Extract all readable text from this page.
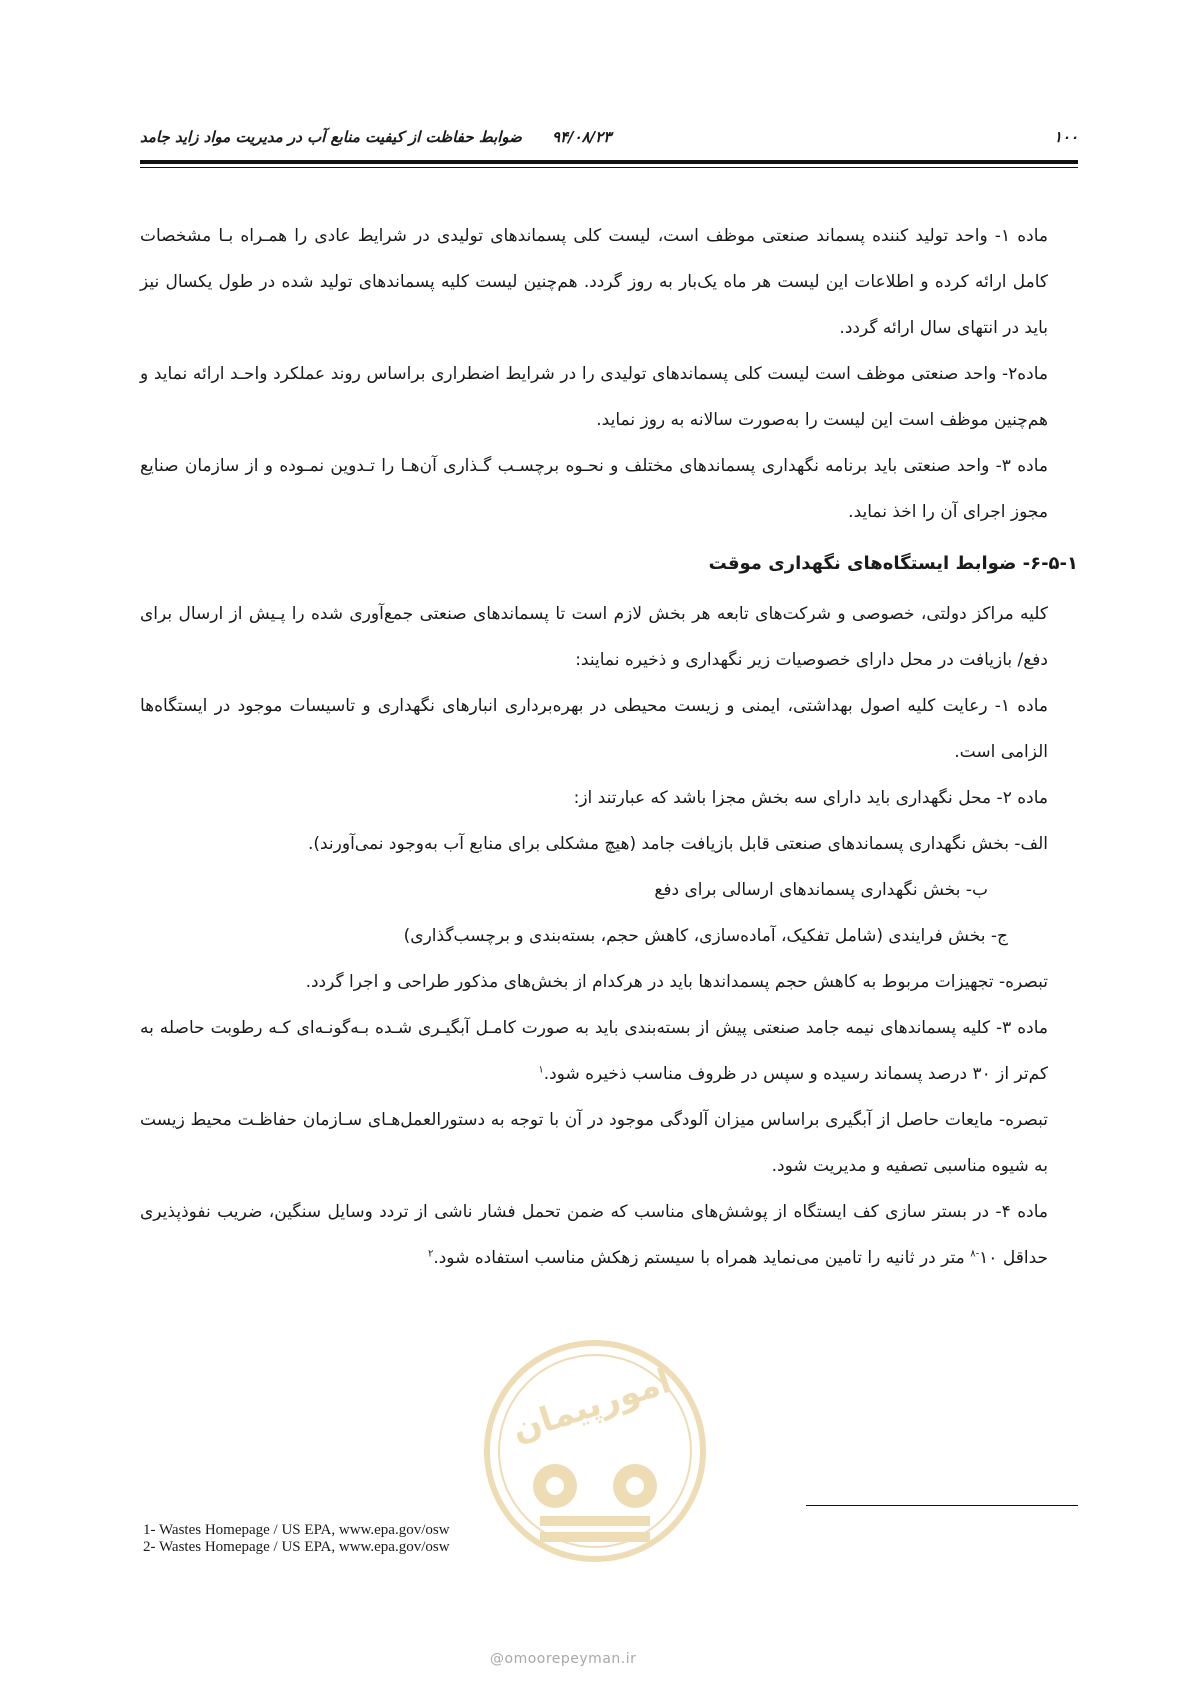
۱۰۰
۹۴/۰۸/۲۳
ضوابط حفاظت از کیفیت منابع آب در مدیریت مواد زاید جامد

ماده ۱- واحد تولید کننده پسماند صنعتی موظف است، لیست کلی پسماندهای تولیدی در شرایط عادی را همـراه بـا مشخصات کامل ارائه کرده و اطلاعات این لیست هر ماه یک‌بار به روز گردد. هم‌چنین لیست کلیه پسماندهای تولید شده در طول یکسال نیز باید در انتهای سال ارائه گردد.

ماده۲- واحد صنعتی موظف است لیست کلی پسماندهای تولیدی را در شرایط اضطراری براساس روند عملکرد واحـد ارائه نماید و هم‌چنین موظف است این لیست را به‌صورت سالانه به روز نماید.

ماده ۳- واحد صنعتی باید برنامه نگهداری پسماندهای مختلف و نحـوه برچسـب گـذاری آن‌هـا را تـدوین نمـوده و از سازمان صنایع مجوز اجرای آن را اخذ نماید.

۶-۵-۱- ضوابط ایستگاه‌های نگهداری موقت

کلیه مراکز دولتی، خصوصی و شرکت‌های تابعه هر بخش لازم است تا پسماندهای صنعتی جمع‌آوری شده را پـیش از ارسال برای دفع/ بازیافت در محل دارای خصوصیات زیر نگهداری و ذخیره نمایند:

ماده ۱- رعایت کلیه اصول بهداشتی، ایمنی و زیست محیطی در بهره‌برداری انبارهای نگهداری و تاسیسات موجود در ایستگاه‌ها الزامی است.

ماده ۲- محل نگهداری باید دارای سه بخش مجزا باشد که عبارتند از:

الف- بخش نگهداری پسماندهای صنعتی قابل بازیافت جامد (هیچ مشکلی برای منابع آب به‌وجود نمی‌آورند).

ب- بخش نگهداری پسماندهای ارسالی برای دفع

ج- بخش فرایندی (شامل تفکیک، آماده‌سازی، کاهش حجم، بسته‌بندی و برچسب‌گذاری)

تبصره- تجهیزات مربوط به کاهش حجم پسمداندها باید در هرکدام از بخش‌های مذکور طراحی و اجرا گردد.

ماده ۳- کلیه پسماندهای نیمه جامد صنعتی پیش از بسته‌بندی باید به صورت کامـل آبگیـری شـده بـه‌گونـه‌ای کـه رطوبت حاصله به کم‌تر از ۳۰ درصد پسماند رسیده و سپس در ظروف مناسب ذخیره شود.$^۱$

تبصره- مایعات حاصل از آبگیری براساس میزان آلودگی موجود در آن با توجه به دستورالعمل‌هـای سـازمان حفاظـت محیط زیست به شیوه مناسبی تصفیه و مدیریت شود.

ماده ۴- در بستر سازی کف ایستگاه از پوشش‌های مناسب که ضمن تحمل فشار ناشی از تردد وسایل سنگین، ضریب نفوذپذیری حداقل $۱۰^{-۸}$ متر در ثانیه را تامین می‌نماید همراه با سیستم زهکش مناسب استفاده شود.$^۲$

امورپیمان
1- Wastes Homepage / US EPA, www.epa.gov/osw
2- Wastes Homepage / US EPA, www.epa.gov/osw
@omoorepeyman.ir
